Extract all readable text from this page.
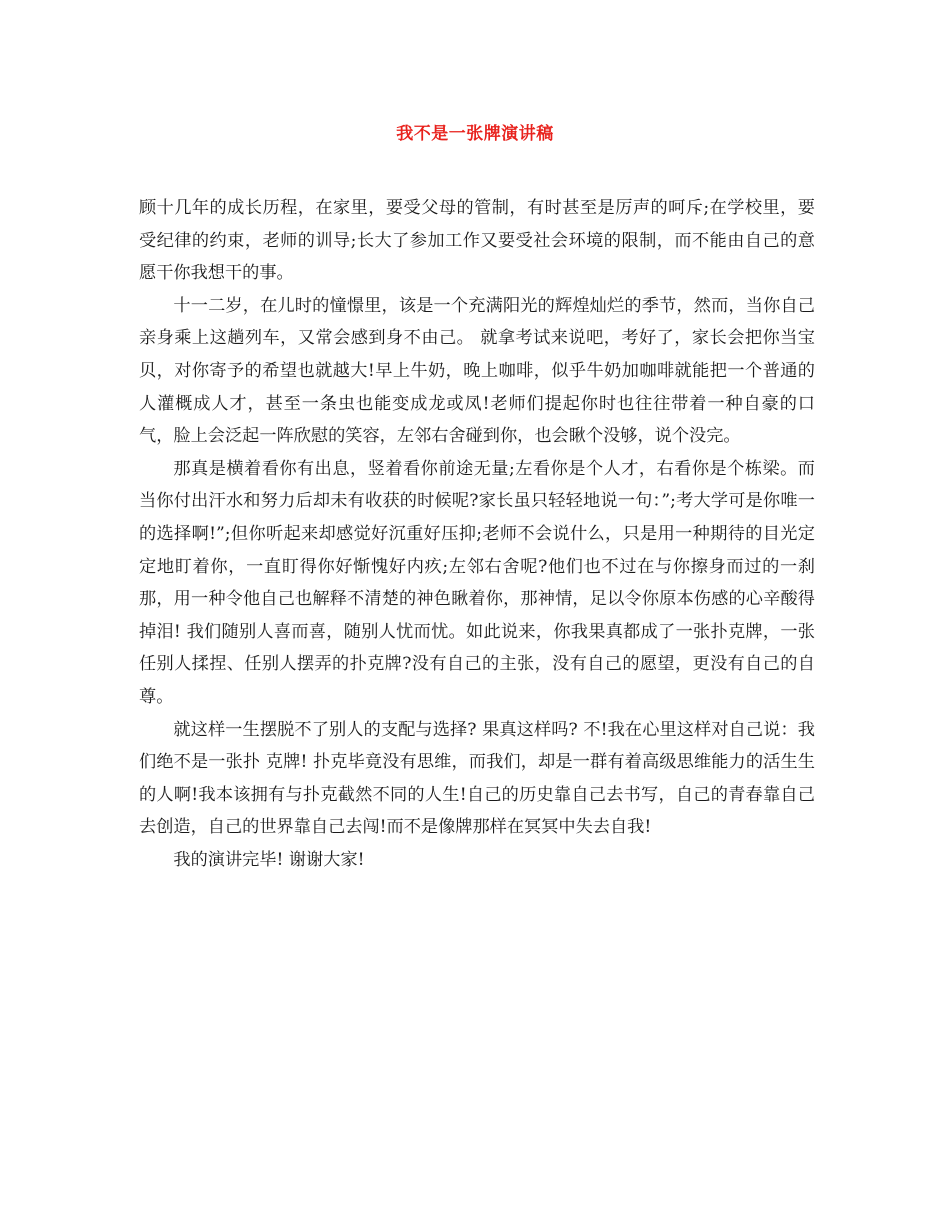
我不是一张牌演讲稿

顾十几年的成长历程，在家里，要受父母的管制，有时甚至是厉声的呵斥;在学校里，要受纪律的约束，老师的训导;长大了参加工作又要受社会环境的限制，而不能由自己的意愿干你我想干的事。

十一二岁，在儿时的憧憬里，该是一个充满阳光的辉煌灿烂的季节，然而，当你自己亲身乘上这趟列车，又常会感到身不由己。 就拿考试来说吧，考好了，家长会把你当宝贝，对你寄予的希望也就越大!早上牛奶，晚上咖啡，似乎牛奶加咖啡就能把一个普通的人灌概成人才，甚至一条虫也能变成龙或凤!老师们提起你时也往往带着一种自豪的口气，脸上会泛起一阵欣慰的笑容，左邻右舍碰到你，也会瞅个没够，说个没完。

那真是横着看你有出息，竖着看你前途无量;左看你是个人才，右看你是个栋梁。而当你付出汗水和努力后却未有收获的时候呢?家长虽只轻轻地说一句：”;考大学可是你唯一的选择啊!”;但你听起来却感觉好沉重好压抑;老师不会说什么，只是用一种期待的目光定定地盯着你，一直盯得你好惭愧好内疚;左邻右舍呢?他们也不过在与你擦身而过的一刹那，用一种令他自己也解释不清楚的神色瞅着你，那神情，足以令你原本伤感的心辛酸得掉泪! 我们随别人喜而喜，随别人忧而忧。如此说来，你我果真都成了一张扑克牌，一张任别人揉捏、任别人摆弄的扑克牌?没有自己的主张，没有自己的愿望，更没有自己的自尊。

就这样一生摆脱不了别人的支配与选择? 果真这样吗? 不!我在心里这样对自己说：我们绝不是一张扑 克牌! 扑克毕竟没有思维，而我们，却是一群有着高级思维能力的活生生的人啊!我本该拥有与扑克截然不同的人生!自己的历史靠自己去书写，自己的青春靠自己去创造，自己的世界靠自己去闯!而不是像牌那样在冥冥中失去自我!

我的演讲完毕! 谢谢大家!
